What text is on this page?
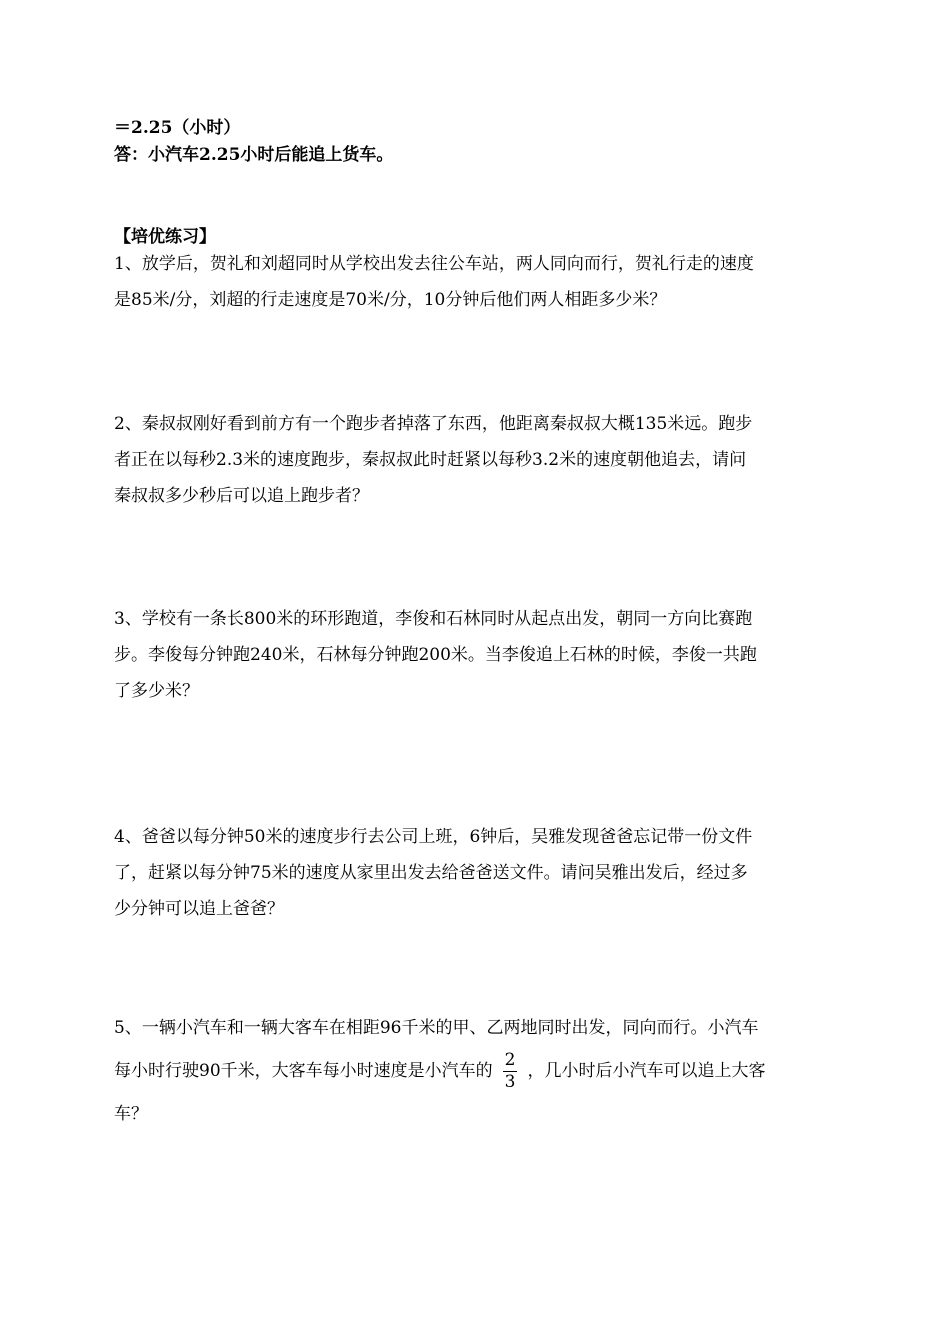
＝2.25（小时）
答：小汽车2.25小时后能追上货车。
【培优练习】
1、放学后，贺礼和刘超同时从学校出发去往公车站，两人同向而行，贺礼行走的速度
是85米/分，刘超的行走速度是70米/分，10分钟后他们两人相距多少米？
2、秦叔叔刚好看到前方有一个跑步者掉落了东西，他距离秦叔叔大概135米远。跑步
者正在以每秒2.3米的速度跑步，秦叔叔此时赶紧以每秒3.2米的速度朝他追去，请问
秦叔叔多少秒后可以追上跑步者？
3、学校有一条长800米的环形跑道，李俊和石林同时从起点出发，朝同一方向比赛跑
步。李俊每分钟跑240米，石林每分钟跑200米。当李俊追上石林的时候，李俊一共跑
了多少米？
4、爸爸以每分钟50米的速度步行去公司上班，6钟后，吴雅发现爸爸忘记带一份文件
了，赶紧以每分钟75米的速度从家里出发去给爸爸送文件。请问吴雅出发后，经过多
少分钟可以追上爸爸？
5、一辆小汽车和一辆大客车在相距96千米的甲、乙两地同时出发，同向而行。小汽车
每小时行驶90千米，大客车每小时速度是小汽车的 $\frac{2}{3}$ ，几小时后小汽车可以追上大客
车？
